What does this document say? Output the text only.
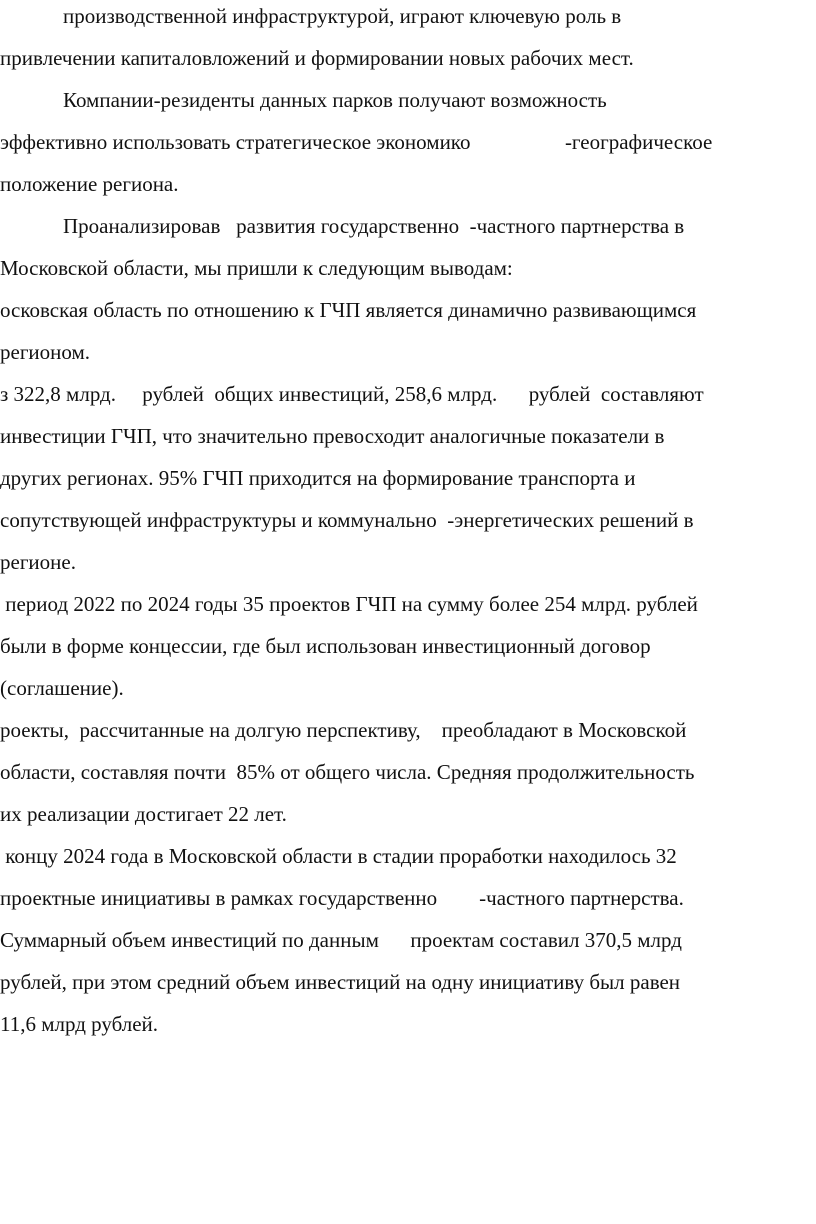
производственной инфраструктурой, играют ключевую роль в
привлечении капиталовложений и формировании новых рабочих мест.
Компании-резиденты данных парков получают возможность
эффективно использовать стратегическое экономико                  -географическое
положение региона.
Проанализировав   развития государственно  -частного партнерства в
Московской области, мы пришли к следующим выводам:
осковская область по отношению к ГЧП является динамично развивающимся
регионом.
з 322,8 млрд.     рублей  общих инвестиций, 258,6 млрд.      рублей  составляют
инвестиции ГЧП, что значительно превосходит аналогичные показатели в
других регионах. 95% ГЧП приходится на формирование транспорта и
сопутствующей инфраструктуры и коммунально  -энергетических решений в
регионе.
период 2022 по 2024 годы 35 проектов ГЧП на сумму более 254 млрд. рублей
были в форме концессии, где был использован инвестиционный договор
(соглашение).
роекты,  рассчитанные на долгую перспективу,    преобладают в Московской
области, составляя почти  85% от общего числа. Средняя продолжительность
их реализации достигает 22 лет.
концу 2024 года в Московской области в стадии проработки находилось 32
проектные инициативы в рамках государственно        -частного партнерства.
Суммарный объем инвестиций по данным      проектам составил 370,5 млрд
рублей, при этом средний объем инвестиций на одну инициативу был равен
11,6 млрд рублей.
